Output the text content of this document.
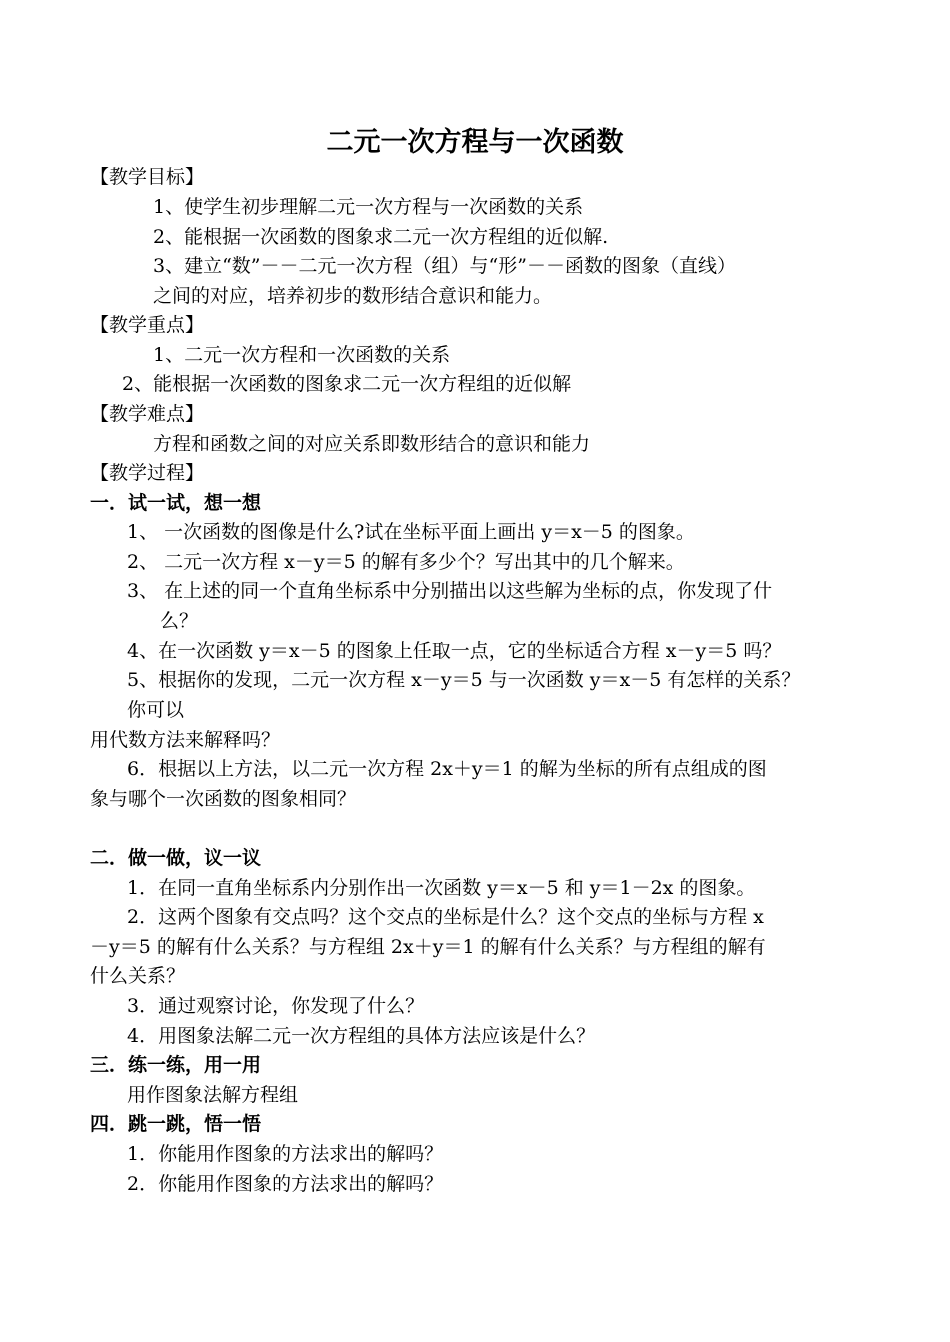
二元一次方程与一次函数
【教学目标】
1、使学生初步理解二元一次方程与一次函数的关系
2、能根据一次函数的图象求二元一次方程组的近似解.
3、建立“数”－－二元一次方程（组）与“形”－－函数的图象（直线）
之间的对应，培养初步的数形结合意识和能力。
【教学重点】
1、二元一次方程和一次函数的关系
2、能根据一次函数的图象求二元一次方程组的近似解
【教学难点】
方程和函数之间的对应关系即数形结合的意识和能力
【教学过程】
一．试一试，想一想
1、 一次函数的图像是什么?试在坐标平面上画出 y＝x－5 的图象。
2、 二元一次方程 x－y＝5 的解有多少个？写出其中的几个解来。
3、 在上述的同一个直角坐标系中分别描出以这些解为坐标的点，你发现了什
么？
4、在一次函数 y＝x－5 的图象上任取一点，它的坐标适合方程 x－y＝5 吗？
5、根据你的发现，二元一次方程 x－y＝5 与一次函数 y＝x－5 有怎样的关系？
你可以
用代数方法来解释吗？
6．根据以上方法，以二元一次方程 2x＋y＝1 的解为坐标的所有点组成的图
象与哪个一次函数的图象相同？
二．做一做，议一议
1．在同一直角坐标系内分别作出一次函数 y＝x－5 和 y＝1－2x 的图象。
2．这两个图象有交点吗？这个交点的坐标是什么？这个交点的坐标与方程 x
－y＝5 的解有什么关系？与方程组 2x＋y＝1 的解有什么关系？与方程组的解有
什么关系？
3．通过观察讨论，你发现了什么？
4．用图象法解二元一次方程组的具体方法应该是什么？
三．练一练，用一用
用作图象法解方程组
四．跳一跳，悟一悟
1．你能用作图象的方法求出的解吗？
2．你能用作图象的方法求出的解吗？
